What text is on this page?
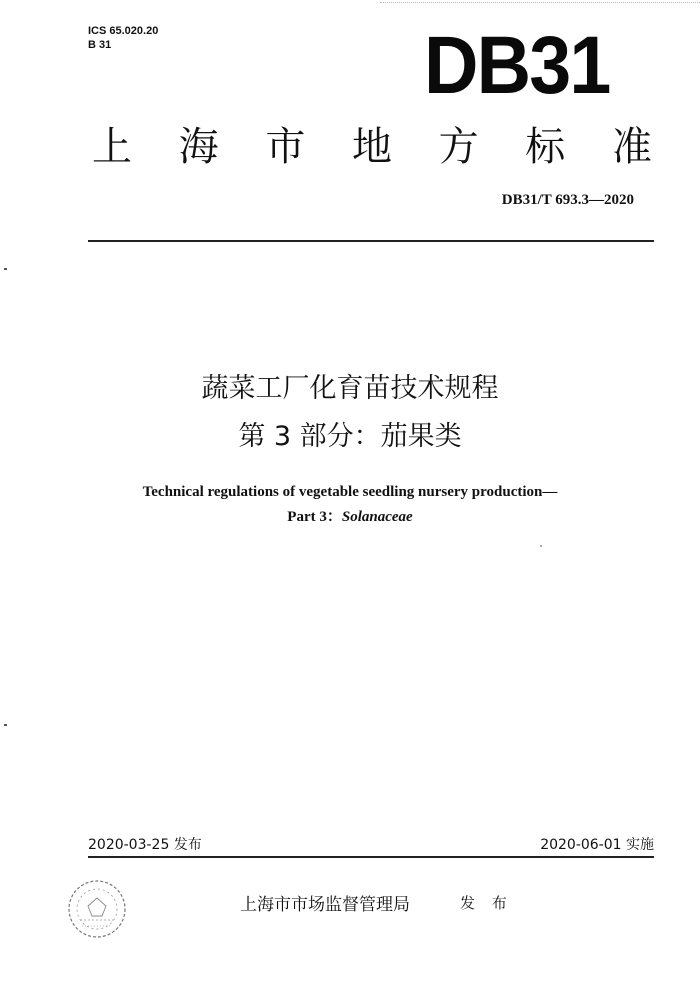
ICS 65.020.20
B 31	DB31
上 海 市 地 方 标 准
DB31/T 693.3—2020
蔬菜工厂化育苗技术规程
第 3 部分：茄果类
Technical regulations of vegetable seedling nursery production—
Part 3：Solanaceae
2020-03-25 发布	2020-06-01 实施
上海市市场监督管理局	发 布
